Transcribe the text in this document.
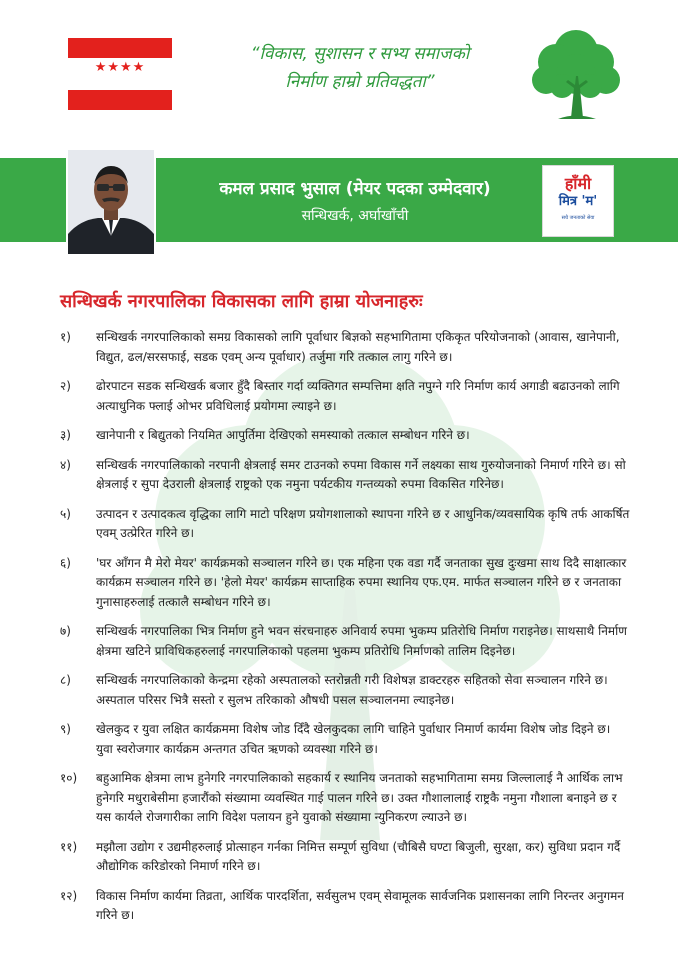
★★★★
“विकास, सुशासन र सभ्य समाजको
निर्माण हाम्रो प्रतिवद्धता”
कमल प्रसाद भुसाल (मेयर पदका उम्मेदवार)
सन्धिखर्क, अर्घाखाँची
हाँमी
मित्र 'म'
सधै जनताको सेवा
सन्धिखर्क नगरपालिका विकासका लागि हाम्रा योजनाहरुः
१) सन्धिखर्क नगरपालिकाको समग्र विकासको लागि पूर्वाधार बिज्ञको सहभागितामा एकिकृत परियोजनाको (आवास, खानेपानी, विद्युत, ढल/सरसफाई, सडक एवम् अन्य पूर्वाधार) तर्जुमा गरि तत्काल लागु गरिने छ।
२) ढोरपाटन सडक सन्धिखर्क बजार हुँदै बिस्तार गर्दा व्यक्तिगत सम्पत्तिमा क्षति नपुग्ने गरि निर्माण कार्य अगाडी बढाउनको लागि अत्याधुनिक फ्लाई ओभर प्रविधिलाई प्रयोगमा ल्याइने छ।
३) खानेपानी र बिद्युतको नियमित आपुर्तिमा देखिएको समस्याको तत्काल सम्बोधन गरिने छ।
४) सन्धिखर्क नगरपालिकाको नरपानी क्षेत्रलाई समर टाउनको रुपमा विकास गर्ने लक्ष्यका साथ गुरुयोजनाको निमार्ण गरिने छ। सो क्षेत्रलाई र सुपा देउराली क्षेत्रलाई राष्ट्रको एक नमुना पर्यटकीय गन्तव्यको रुपमा विकसित गरिनेछ।
५) उत्पादन र उत्पादकत्व वृद्धिका लागि माटो परिक्षण प्रयोगशालाको स्थापना गरिने छ र आधुनिक/व्यवसायिक कृषि तर्फ आकर्षित एवम् उत्प्रेरित गरिने छ।
६) 'घर आँगन मै मेरो मेयर' कार्यक्रमको सञ्चालन गरिने छ। एक महिना एक वडा गर्दै जनताका सुख दुःखमा साथ दिदै साक्षात्कार कार्यक्रम सञ्चालन गरिने छ। 'हेलो मेयर' कार्यक्रम साप्ताहिक रुपमा स्थानिय एफ.एम. मार्फत सञ्चालन गरिने छ र जनताका गुनासाहरुलाई तत्कालै सम्बोधन गरिने छ।
७) सन्धिखर्क नगरपालिका भित्र निर्माण हुने भवन संरचनाहरु अनिवार्य रुपमा भुकम्प प्रतिरोधि निर्माण गराइनेछ। साथसाथै निर्माण क्षेत्रमा खटिने प्राविधिकहरुलाई नगरपालिकाको पहलमा भुकम्प प्रतिरोधि निर्माणको तालिम दिइनेछ।
८) सन्धिखर्क नगरपालिकाको केन्द्रमा रहेको अस्पतालको स्तरोन्नती गरी विशेषज्ञ डाक्टरहरु सहितको सेवा सञ्चालन गरिने छ। अस्पताल परिसर भित्रै सस्तो र सुलभ तरिकाको औषधी पसल सञ्चालनमा ल्याइनेछ।
९) खेलकुद र युवा लक्षित कार्यक्रममा विशेष जोड दिँदै खेलकुदका लागि चाहिने पुर्वाधार निमार्ण कार्यमा विशेष जोड दिइने छ। युवा स्वरोजगार कार्यक्रम अन्तगत उचित ऋणको व्यवस्था गरिने छ।
१०) बहुआमिक क्षेत्रमा लाभ हुनेगरि नगरपालिकाको सहकार्य र स्थानिय जनताको सहभागितामा समग्र जिल्लालाई नै आर्थिक लाभ हुनेगरि मधुराबेसीमा हजारौंको संख्यामा व्यवस्थित गाई पालन गरिने छ। उक्त गौशालालाई राष्ट्रकै नमुना गौशाला बनाइने छ र यस कार्यले रोजगारीका लागि विदेश पलायन हुने युवाको संख्यामा न्युनिकरण ल्याउने छ।
११) मझौला उद्योग र उद्यमीहरुलाई प्रोत्साहन गर्नका निमित्त सम्पूर्ण सुविधा (चौबिसै घण्टा बिजुली, सुरक्षा, कर) सुविधा प्रदान गर्दै औद्योगिक करिडोरको निमार्ण गरिने छ।
१२) विकास निर्माण कार्यमा तिव्रता, आर्थिक पारदर्शिता, सर्वसुलभ एवम् सेवामूलक सार्वजनिक प्रशासनका लागि निरन्तर अनुगमन गरिने छ।
